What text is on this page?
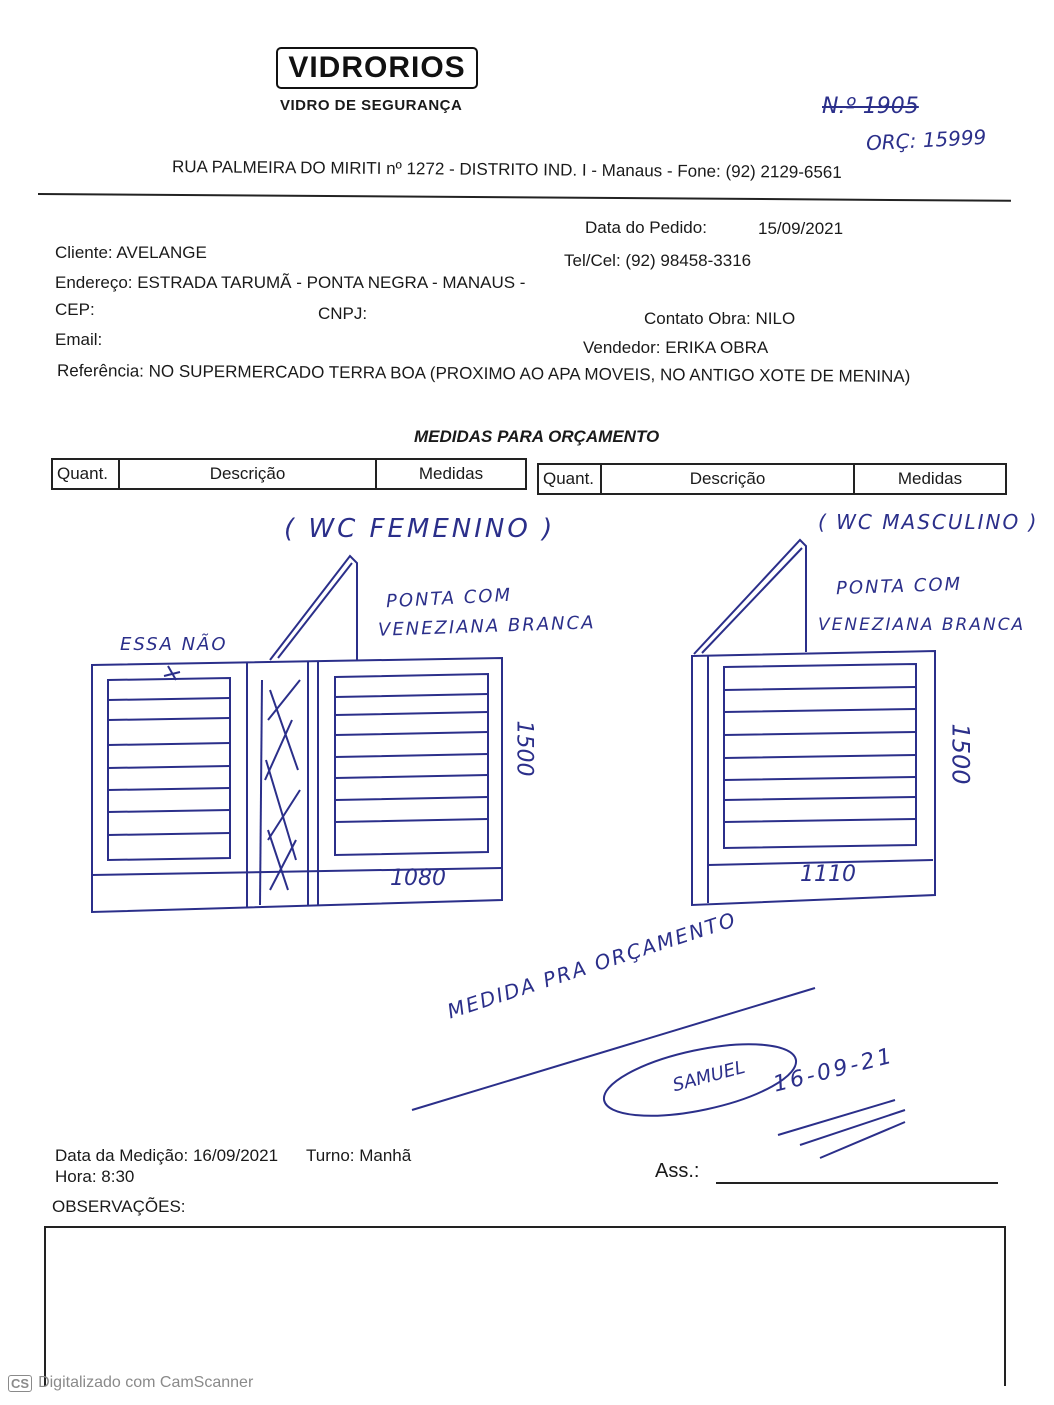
VIDRORIOS
VIDRO DE SEGURANÇA	N.º 1905
ORÇ: 15999
RUA PALMEIRA DO MIRITI nº 1272 - DISTRITO IND. I - Manaus - Fone: (92) 2129-6561
Data do Pedido:	15/09/2021
Cliente: AVELANGE	Tel/Cel: (92) 98458-3316
Endereço: ESTRADA TARUMÃ - PONTA NEGRA - MANAUS -
CEP:	CNPJ:	Contato Obra: NILO
Email:	Vendedor: ERIKA OBRA
Referência: NO SUPERMERCADO TERRA BOA (PROXIMO AO APA MOVEIS, NO ANTIGO XOTE DE MENINA)
MEDIDAS PARA ORÇAMENTO
Quant.	Descrição	Medidas	Quant.	Descrição	Medidas
( WC FEMENINO )
PONTA COM
VENEZIANA BRANCA
ESSA NÃO
1500
1080
( WC MASCULINO )
PONTA COM
VENEZIANA BRANCA
1500
1110
MEDIDA PRA ORÇAMENTO
SAMUEL 16-09-21
Data da Medição: 16/09/2021 Turno: Manhã
Hora: 8:30	Ass.:
OBSERVAÇÕES:
CS Digitalizado com CamScanner
